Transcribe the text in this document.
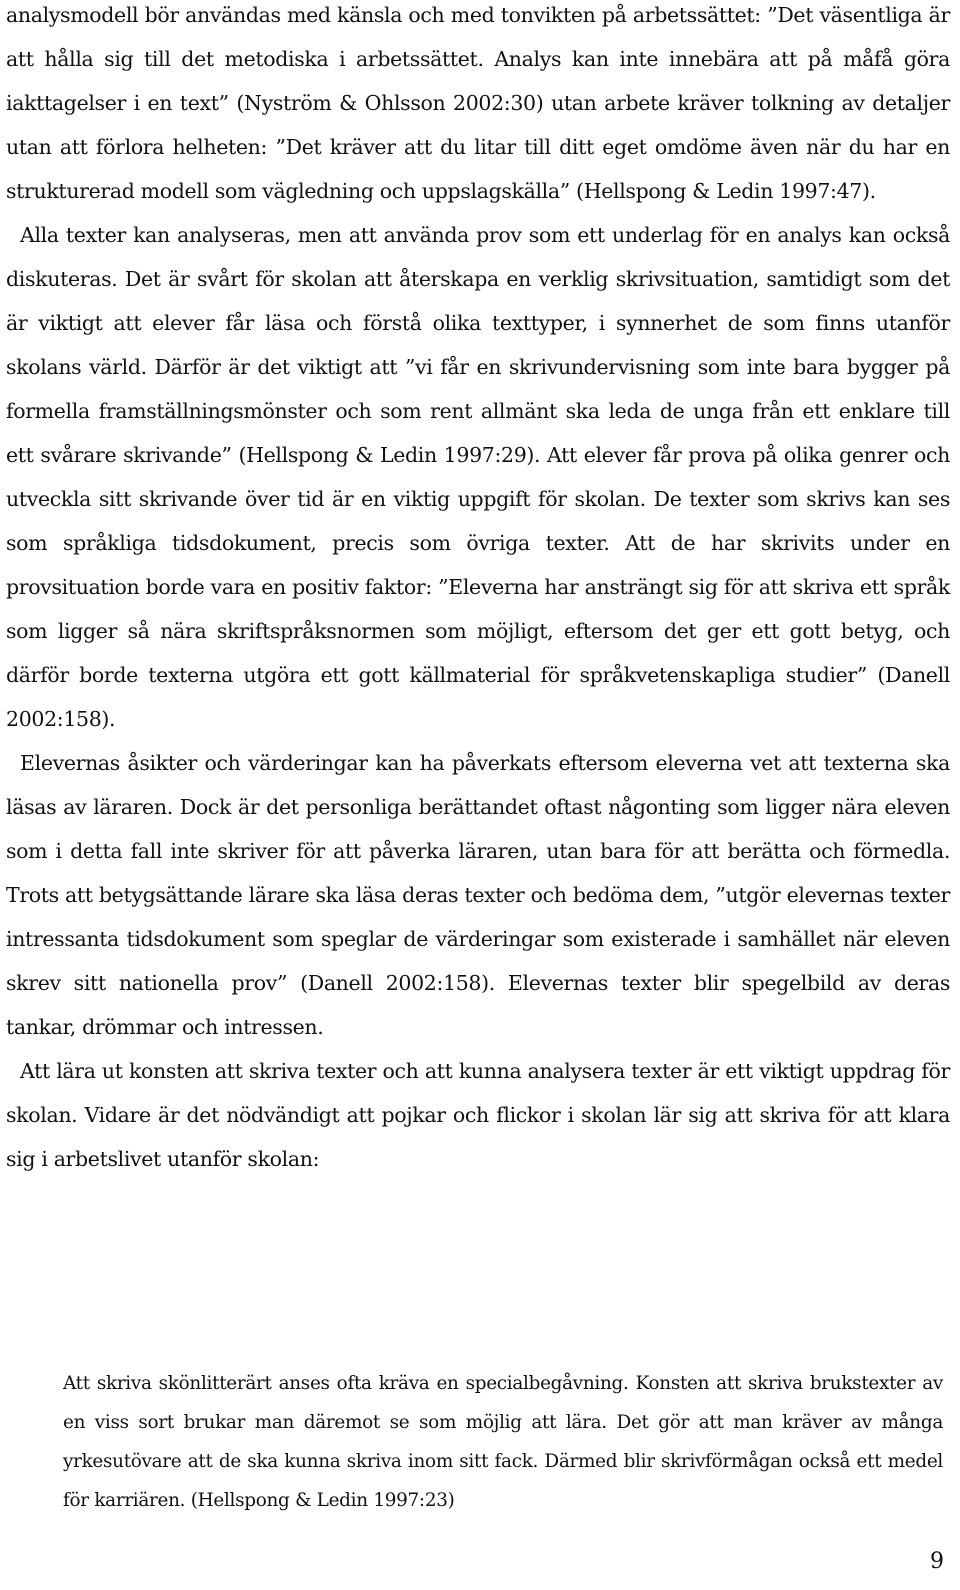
analysmodell bör användas med känsla och med tonvikten på arbetssättet: ”Det väsentliga är att hålla sig till det metodiska i arbetssättet. Analys kan inte innebära att på måfå göra iakttagelser i en text” (Nyström & Ohlsson 2002:30) utan arbete kräver tolkning av detaljer utan att förlora helheten: ”Det kräver att du litar till ditt eget omdöme även när du har en strukturerad modell som vägledning och uppslagskälla” (Hellspong & Ledin 1997:47).

Alla texter kan analyseras, men att använda prov som ett underlag för en analys kan också diskuteras. Det är svårt för skolan att återskapa en verklig skrivsituation, samtidigt som det är viktigt att elever får läsa och förstå olika texttyper, i synnerhet de som finns utanför skolans värld. Därför är det viktigt att ”vi får en skrivundervisning som inte bara bygger på formella framställningsmönster och som rent allmänt ska leda de unga från ett enklare till ett svårare skrivande” (Hellspong & Ledin 1997:29). Att elever får prova på olika genrer och utveckla sitt skrivande över tid är en viktig uppgift för skolan. De texter som skrivs kan ses som språkliga tidsdokument, precis som övriga texter. Att de har skrivits under en provsituation borde vara en positiv faktor: ”Eleverna har ansträngt sig för att skriva ett språk som ligger så nära skriftspråksnormen som möjligt, eftersom det ger ett gott betyg, och därför borde texterna utgöra ett gott källmaterial för språkvetenskapliga studier” (Danell 2002:158).

Elevernas åsikter och värderingar kan ha påverkats eftersom eleverna vet att texterna ska läsas av läraren. Dock är det personliga berättandet oftast någonting som ligger nära eleven som i detta fall inte skriver för att påverka läraren, utan bara för att berätta och förmedla. Trots att betygsättande lärare ska läsa deras texter och bedöma dem, ”utgör elevernas texter intressanta tidsdokument som speglar de värderingar som existerade i samhället när eleven skrev sitt nationella prov” (Danell 2002:158). Elevernas texter blir spegelbild av deras tankar, drömmar och intressen.

Att lära ut konsten att skriva texter och att kunna analysera texter är ett viktigt uppdrag för skolan. Vidare är det nödvändigt att pojkar och flickor i skolan lär sig att skriva för att klara sig i arbetslivet utanför skolan:

Att skriva skönlitterärt anses ofta kräva en specialbegåvning. Konsten att skriva brukstexter av en viss sort brukar man däremot se som möjlig att lära. Det gör att man kräver av många yrkesutövare att de ska kunna skriva inom sitt fack. Därmed blir skrivförmågan också ett medel för karriären. (Hellspong & Ledin 1997:23)

9
